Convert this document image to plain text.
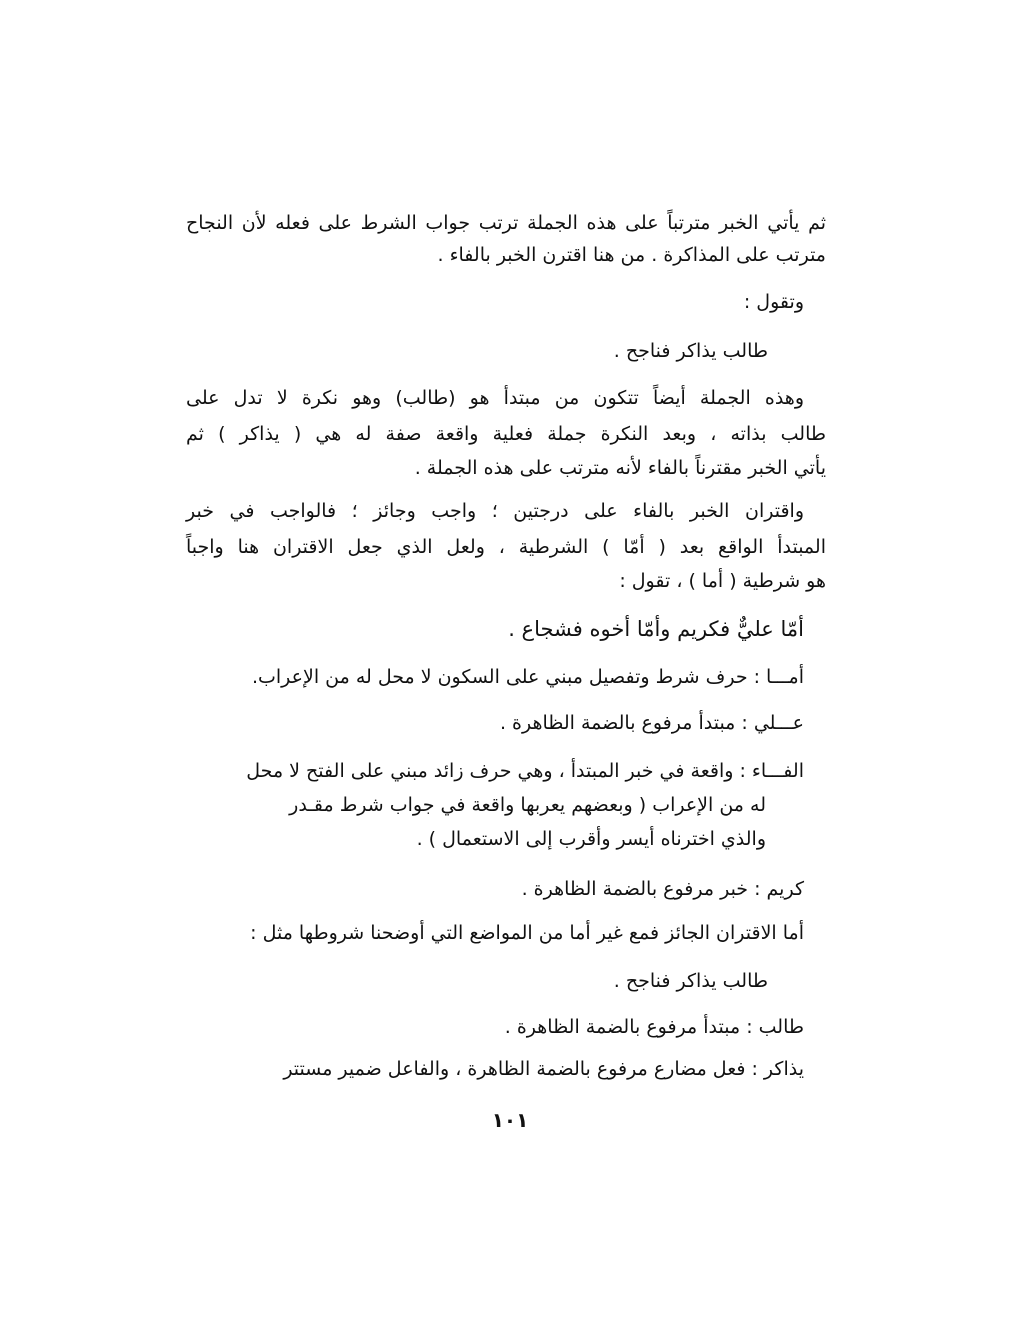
ثم يأتي الخبر مترتباً على هذه الجملة ترتب جواب الشرط على فعله لأن النجاح
مترتب على المذاكرة . من هنا اقترن الخبر بالفاء .
وتقول :
طالب يذاكر فناجح .
وهذه الجملة أيضاً تتكون من مبتدأ هو (طالب) وهو نكرة لا تدل على
طالب بذاته ، وبعد النكرة جملة فعلية واقعة صفة له هي ( يذاكر ) ثم
يأتي الخبر مقترناً بالفاء لأنه مترتب على هذه الجملة .
واقتران الخبر بالفاء على درجتين ؛ واجب وجائز ؛ فالواجب في خبر
المبتدأ الواقع بعد ( أمّا ) الشرطية ، ولعل الذي جعل الاقتران هنا واجباً
هو شرطية ( أما ) ، تقول :
أمّا عليٌّ فكريم وأمّا أخوه فشجاع .
أمـــا : حرف شرط وتفصيل مبني على السكون لا محل له من الإعراب.
عـــلي : مبتدأ مرفوع بالضمة الظاهرة .
الفـــاء : واقعة في خبر المبتدأ ، وهي حرف زائد مبني على الفتح لا محل
له من الإعراب ( وبعضهم يعربها واقعة في جواب شرط مقـدر
والذي اخترناه أيسر وأقرب إلى الاستعمال ) .
كريم : خبر مرفوع بالضمة الظاهرة .
أما الاقتران الجائز فمع غير أما من المواضع التي أوضحنا شروطها مثل :
طالب يذاكر فناجح .
طالب : مبتدأ مرفوع بالضمة الظاهرة .
يذاكر : فعل مضارع مرفوع بالضمة الظاهرة ، والفاعل ضمير مستتر
١٠١
